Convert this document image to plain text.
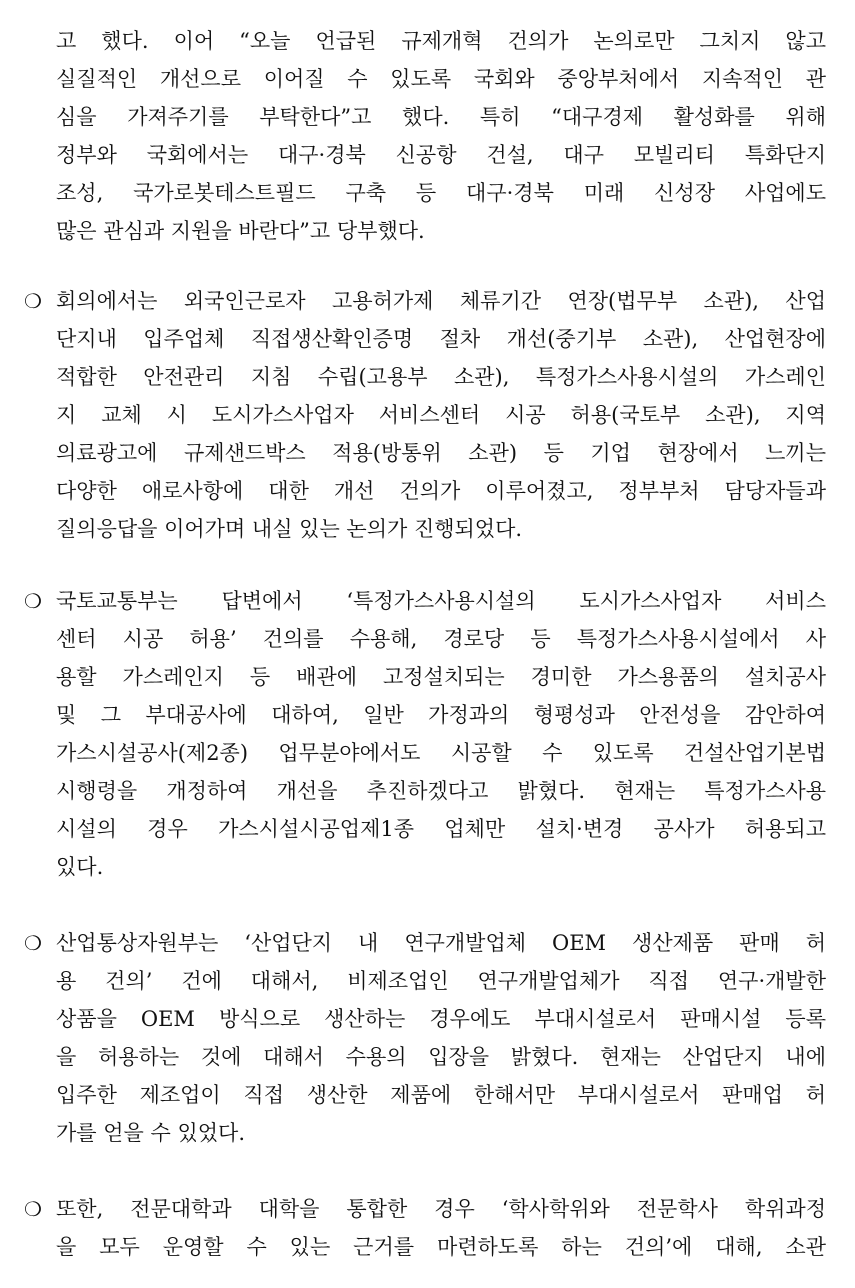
고 했다. 이어 “오늘 언급된 규제개혁 건의가 논의로만 그치지 않고
실질적인 개선으로 이어질 수 있도록 국회와 중앙부처에서 지속적인 관
심을 가져주기를 부탁한다”고 했다. 특히 “대구경제 활성화를 위해
정부와 국회에서는 대구·경북 신공항 건설, 대구 모빌리티 특화단지
조성, 국가로봇테스트필드 구축 등 대구·경북 미래 신성장 사업에도
많은 관심과 지원을 바란다”고 당부했다.
❍ 회의에서는 외국인근로자 고용허가제 체류기간 연장(법무부 소관), 산업
단지내 입주업체 직접생산확인증명 절차 개선(중기부 소관), 산업현장에
적합한 안전관리 지침 수립(고용부 소관), 특정가스사용시설의 가스레인
지 교체 시 도시가스사업자 서비스센터 시공 허용(국토부 소관), 지역
의료광고에 규제샌드박스 적용(방통위 소관) 등 기업 현장에서 느끼는
다양한 애로사항에 대한 개선 건의가 이루어졌고, 정부부처 담당자들과
질의응답을 이어가며 내실 있는 논의가 진행되었다.
❍ 국토교통부는 답변에서 ‘특정가스사용시설의 도시가스사업자 서비스
센터 시공 허용’ 건의를 수용해, 경로당 등 특정가스사용시설에서 사
용할 가스레인지 등 배관에 고정설치되는 경미한 가스용품의 설치공사
및 그 부대공사에 대하여, 일반 가정과의 형평성과 안전성을 감안하여
가스시설공사(제2종) 업무분야에서도 시공할 수 있도록 건설산업기본법
시행령을 개정하여 개선을 추진하겠다고 밝혔다. 현재는 특정가스사용
시설의 경우 가스시설시공업제1종 업체만 설치·변경 공사가 허용되고
있다.
❍ 산업통상자원부는 ‘산업단지 내 연구개발업체 OEM 생산제품 판매 허
용 건의’ 건에 대해서, 비제조업인 연구개발업체가 직접 연구·개발한
상품을 OEM 방식으로 생산하는 경우에도 부대시설로서 판매시설 등록
을 허용하는 것에 대해서 수용의 입장을 밝혔다. 현재는 산업단지 내에
입주한 제조업이 직접 생산한 제품에 한해서만 부대시설로서 판매업 허
가를 얻을 수 있었다.
❍ 또한, 전문대학과 대학을 통합한 경우 ‘학사학위와 전문학사 학위과정
을 모두 운영할 수 있는 근거를 마련하도록 하는 건의’에 대해, 소관
